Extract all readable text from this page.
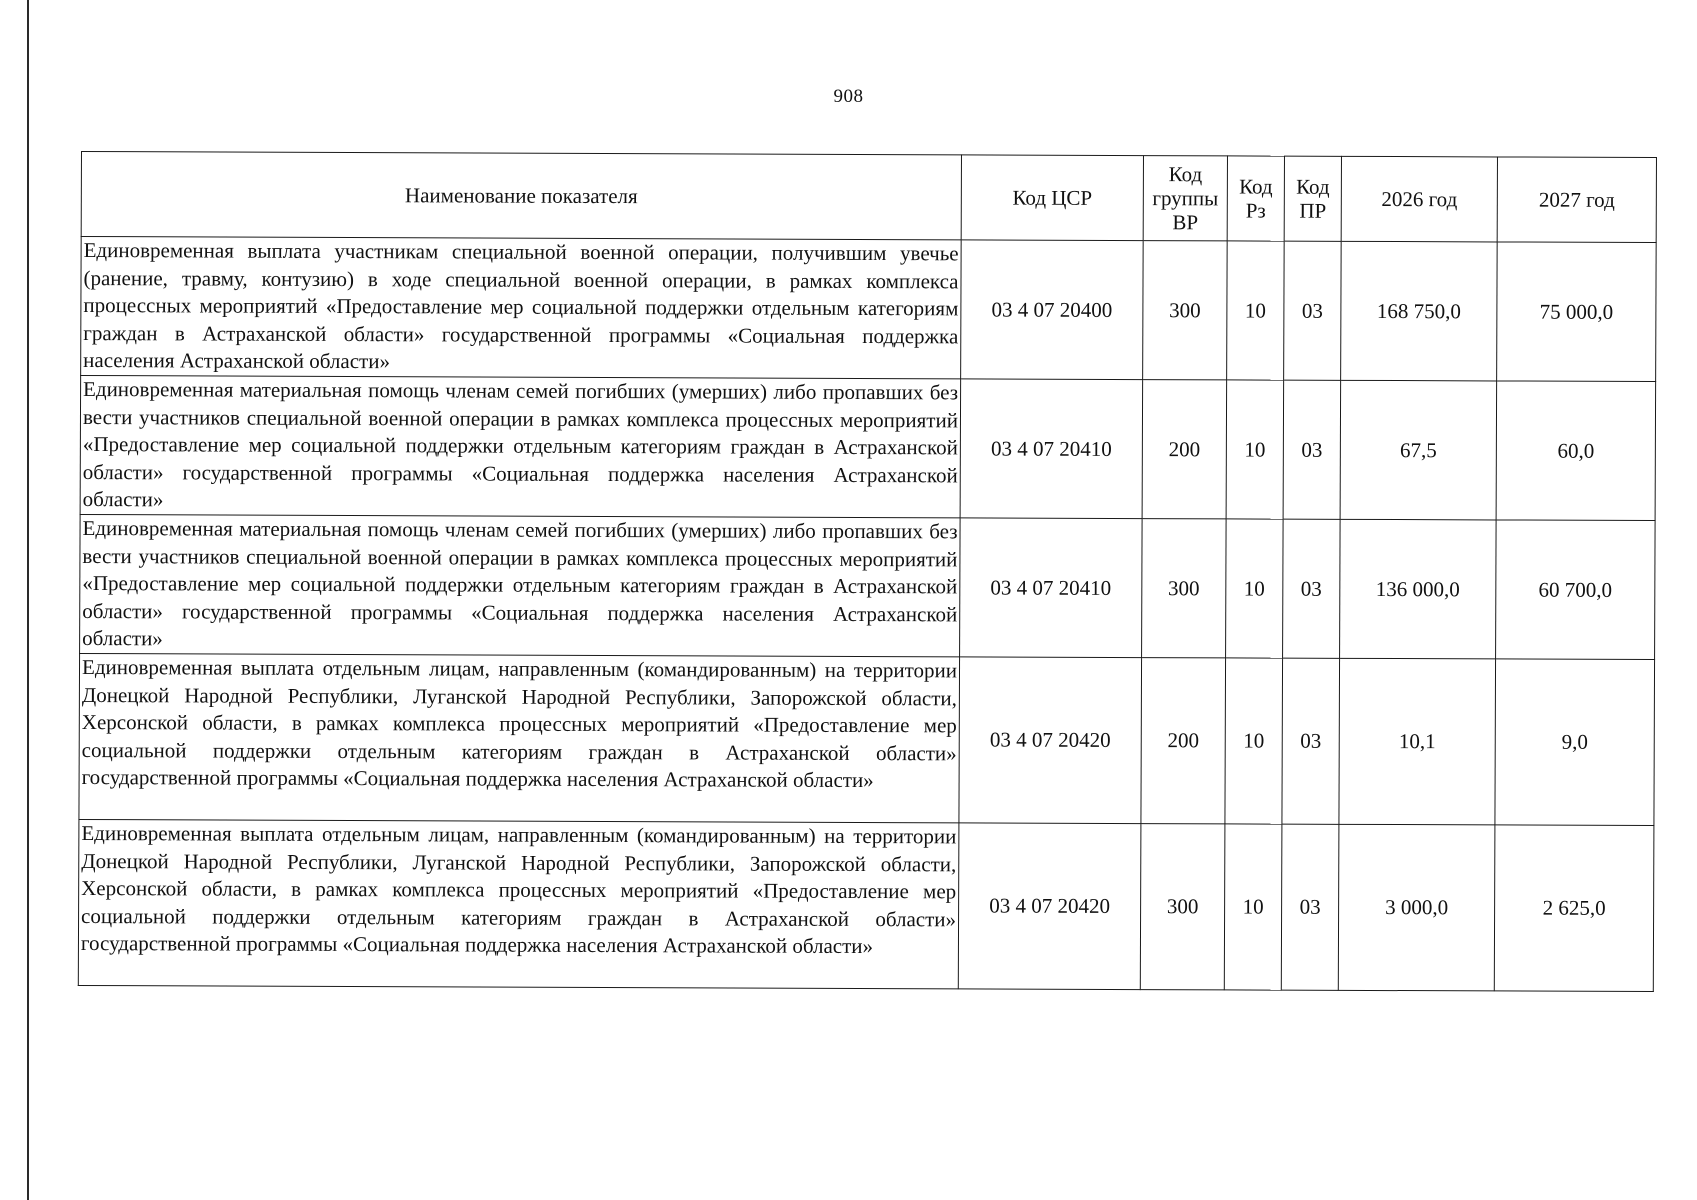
908
Наименование показателя	Код ЦСР	Код группы ВР	Код Рз	Код ПР	2026 год	2027 год
Единовременная выплата участникам специальной военной операции, получившим увечье (ранение, травму, контузию) в ходе специальной военной операции, в рамках комплекса процессных мероприятий «Предоставление мер социальной поддержки отдельным категориям граждан в Астраханской области» государственной программы «Социальная поддержка населения Астраханской области»	03 4 07 20400	300	10	03	168 750,0	75 000,0
Единовременная материальная помощь членам семей погибших (умерших) либо пропавших без вести участников специальной военной операции в рамках комплекса процессных мероприятий «Предоставление мер социальной поддержки отдельным категориям граждан в Астраханской области» государственной программы «Социальная поддержка населения Астраханской области»	03 4 07 20410	200	10	03	67,5	60,0
Единовременная материальная помощь членам семей погибших (умерших) либо пропавших без вести участников специальной военной операции в рамках комплекса процессных мероприятий «Предоставление мер социальной поддержки отдельным категориям граждан в Астраханской области» государственной программы «Социальная поддержка населения Астраханской области»	03 4 07 20410	300	10	03	136 000,0	60 700,0
Единовременная выплата отдельным лицам, направленным (командированным) на территории Донецкой Народной Республики, Луганской Народной Республики, Запорожской области, Херсонской области, в рамках комплекса процессных мероприятий «Предоставление мер социальной поддержки отдельным категориям граждан в Астраханской области» государственной программы «Социальная поддержка населения Астраханской области»	03 4 07 20420	200	10	03	10,1	9,0
Единовременная выплата отдельным лицам, направленным (командированным) на территории Донецкой Народной Республики, Луганской Народной Республики, Запорожской области, Херсонской области, в рамках комплекса процессных мероприятий «Предоставление мер социальной поддержки отдельным категориям граждан в Астраханской области» государственной программы «Социальная поддержка населения Астраханской области»	03 4 07 20420	300	10	03	3 000,0	2 625,0
